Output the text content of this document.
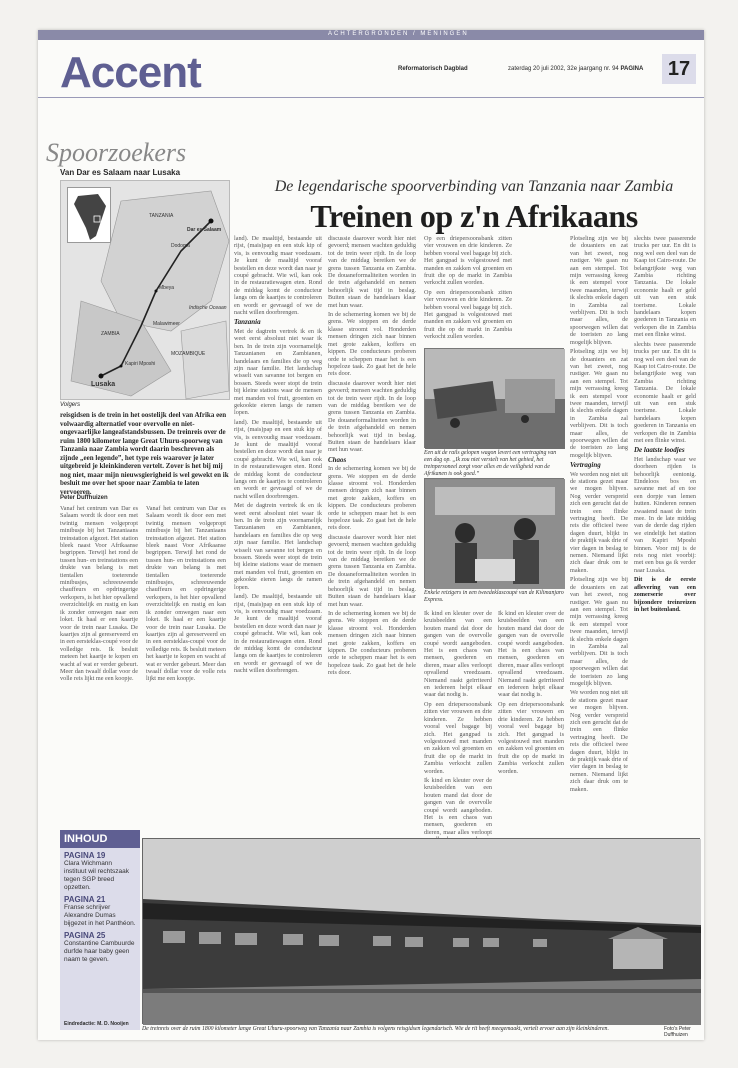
ACHTERGRONDEN / MENINGEN
Accent	Reformatorisch Dagblad	zaterdag 20 juli 2002, 32e jaargang nr. 94 PAGINA 17
Spoorzoekers
Van Dar es Salaam naar Lusaka
TANZANIA
Dar es Salaam
ZAMBIA
MOZAMBIQUE
Lusaka
Kapiri Mposhi
Mbeya
Dodoma
Malawimeer
Indische Oceaan
De legendarische spoorverbinding van Tanzania naar Zambia
Treinen op z'n Afrikaans
Volgers
reisgidsen is de trein in het oostelijk deel van Afrika een volwaardig alternatief voor overvolle en niet-ongevaarlijke langeafstandsbussen. De treinreis over de ruim 1800 kilometer lange Great Uhuru-spoorweg van Tanzania naar Zambia wordt daarin beschreven als zijnde „een legende”, het type reis waarover je later uitgebreid je kleinkinderen vertelt. Zover is het bij mij nog niet, maar mijn nieuwsgierigheid is wel gewekt en ik besluit me over het spoor naar Zambia te laten vervoeren.
Peter Duffhuizen

Vanaf het centrum van Dar es Salaam wordt ik door een met twintig mensen volgepropt minibusje bij het Tanzaniaans treinstation afgezet. Het station bleek naast Voor Afrikaanse begrippen. Terwijl het rond de tussen hun- en treinstations een drukte van belang is met tientallen toeterende minibusjes, schreeuwende chauffeurs en opdringerige verkopers, is het hier opvallend overzichtelijk en rustig en kan ik zonder omwegen naar een loket. Ik haal er een kaartje voor de trein naar Lusaka. De kaartjes zijn al gereserveerd en in een eersteklas-coupé voor de volledige reis. Ik besluit meteen het kaartje te kopen en wacht af wat er verder gebeurt. Meer dan twaalf dollar voor de volle reis lijkt me een koopje.

Vanaf het centrum van Dar es Salaam wordt ik door een met twintig mensen volgepropt minibusje bij het Tanzaniaans treinstation afgezet. Het station bleek naast Voor Afrikaanse begrippen. Terwijl het rond de tussen hun- en treinstations een drukte van belang is met tientallen toeterende minibusjes, schreeuwende chauffeurs en opdringerige verkopers, is het hier opvallend overzichtelijk en rustig en kan ik zonder omwegen naar een loket. Ik haal er een kaartje voor de trein naar Lusaka. De kaartjes zijn al gereserveerd en in een eersteklas-coupé voor de volledige reis. Ik besluit meteen het kaartje te kopen en wacht af wat er verder gebeurt. Meer dan twaalf dollar voor de volle reis lijkt me een koopje.

land). De maaltijd, bestaande uit rijst, (mais)pap en een stuk kip of vis, is eenvoudig maar voedzaam. Je kunt de maaltijd vooraf bestellen en deze wordt dan naar je coupé gebracht. Wie wil, kan ook in de restauratiewagen eten. Rond de middag komt de conducteur langs om de kaartjes te controleren en wordt er gevraagd of we de nacht willen doorbrengen.

Tanzania

Met de dagtrein vertrek ik en ik weet eerst absoluut niet waar ik ben. In de trein zijn voornamelijk Tanzanianen en Zambianen, handelaars en families die op weg zijn naar familie. Het landschap wisselt van savanne tot bergen en bossen. Steeds weer stopt de trein bij kleine stations waar de mensen met manden vol fruit, groenten en gekookte eieren langs de ramen lopen.

land). De maaltijd, bestaande uit rijst, (mais)pap en een stuk kip of vis, is eenvoudig maar voedzaam. Je kunt de maaltijd vooraf bestellen en deze wordt dan naar je coupé gebracht. Wie wil, kan ook in de restauratiewagen eten. Rond de middag komt de conducteur langs om de kaartjes te controleren en wordt er gevraagd of we de nacht willen doorbrengen.

Met de dagtrein vertrek ik en ik weet eerst absoluut niet waar ik ben. In de trein zijn voornamelijk Tanzanianen en Zambianen, handelaars en families die op weg zijn naar familie. Het landschap wisselt van savanne tot bergen en bossen. Steeds weer stopt de trein bij kleine stations waar de mensen met manden vol fruit, groenten en gekookte eieren langs de ramen lopen.

land). De maaltijd, bestaande uit rijst, (mais)pap en een stuk kip of vis, is eenvoudig maar voedzaam. Je kunt de maaltijd vooraf bestellen en deze wordt dan naar je coupé gebracht. Wie wil, kan ook in de restauratiewagen eten. Rond de middag komt de conducteur langs om de kaartjes te controleren en wordt er gevraagd of we de nacht willen doorbrengen.

discussie daarover wordt hier niet gevoerd; mensen wachten geduldig tot de trein weer rijdt. In de loop van de middag bereiken we de grens tussen Tanzania en Zambia. De douaneformaliteiten worden in de trein afgehandeld en nemen behoorlijk wat tijd in beslag. Buiten staan de handelaars klaar met hun waar.

In de schemering komen we bij de grens. We stoppen en de derde klasse stroomt vol. Honderden mensen dringen zich naar binnen met grote zakken, koffers en kippen. De conducteurs proberen orde te scheppen maar het is een hopeloze taak. Zo gaat het de hele reis door.

discussie daarover wordt hier niet gevoerd; mensen wachten geduldig tot de trein weer rijdt. In de loop van de middag bereiken we de grens tussen Tanzania en Zambia. De douaneformaliteiten worden in de trein afgehandeld en nemen behoorlijk wat tijd in beslag. Buiten staan de handelaars klaar met hun waar.

Chaos

In de schemering komen we bij de grens. We stoppen en de derde klasse stroomt vol. Honderden mensen dringen zich naar binnen met grote zakken, koffers en kippen. De conducteurs proberen orde te scheppen maar het is een hopeloze taak. Zo gaat het de hele reis door.

discussie daarover wordt hier niet gevoerd; mensen wachten geduldig tot de trein weer rijdt. In de loop van de middag bereiken we de grens tussen Tanzania en Zambia. De douaneformaliteiten worden in de trein afgehandeld en nemen behoorlijk wat tijd in beslag. Buiten staan de handelaars klaar met hun waar.

In de schemering komen we bij de grens. We stoppen en de derde klasse stroomt vol. Honderden mensen dringen zich naar binnen met grote zakken, koffers en kippen. De conducteurs proberen orde te scheppen maar het is een hopeloze taak. Zo gaat het de hele reis door.

Op een driepersoonsbank zitten vier vrouwen en drie kinderen. Ze hebben vooral veel bagage bij zich. Het gangpad is volgestouwd met manden en zakken vol groenten en fruit die op de markt in Zambia verkocht zullen worden.

Op een driepersoonsbank zitten vier vrouwen en drie kinderen. Ze hebben vooral veel bagage bij zich. Het gangpad is volgestouwd met manden en zakken vol groenten en fruit die op de markt in Zambia verkocht zullen worden.

Een uit de rails gelopen wagon levert een vertraging van een dag op. „Ik zou niet verstelt van het gebied, het treinpersoneel zorgt voor alles en de veiligheid van de Afrikanen is ook goed.”
Enkele reizigers in een tweedeklascoupé van de Kilimanjaro Express.

Ik kind en kleuter over de kruisbeelden van een houten mand dat door de gangen van de overvolle coupé wordt aangeboden. Het is een chaos van mensen, goederen en dieren, maar alles verloopt opvallend vreedzaam. Niemand raakt geïrriteerd en iedereen helpt elkaar waar dat nodig is.

Op een driepersoonsbank zitten vier vrouwen en drie kinderen. Ze hebben vooral veel bagage bij zich. Het gangpad is volgestouwd met manden en zakken vol groenten en fruit die op de markt in Zambia verkocht zullen worden.

Ik kind en kleuter over de kruisbeelden van een houten mand dat door de gangen van de overvolle coupé wordt aangeboden. Het is een chaos van mensen, goederen en dieren, maar alles verloopt

Ik kind en kleuter over de kruisbeelden van een houten mand dat door de gangen van de overvolle coupé wordt aangeboden. Het is een chaos van mensen, goederen en dieren, maar alles verloopt opvallend vreedzaam. Niemand raakt geïrriteerd en iedereen helpt elkaar waar dat nodig is.

Op een driepersoonsbank zitten vier vrouwen en drie kinderen. Ze hebben vooral veel bagage bij zich. Het gangpad is volgestouwd met manden en zakken vol groenten en fruit die op de markt in Zambia verkocht zullen worden.

Plotseling zijn we bij de douaniers en zat van het zweet, nog rustiger. We gaan nu aan een stempel. Tot mijn verrassing kreeg ik een stempel voor twee maanden, terwijl ik slechts enkele dagen in Zambia zal verblijven. Dit is toch maar alles, de spoorwegen willen dat de toeristen zo lang mogelijk blijven.

Plotseling zijn we bij de douaniers en zat van het zweet, nog rustiger. We gaan nu aan een stempel. Tot mijn verrassing kreeg ik een stempel voor twee maanden, terwijl ik slechts enkele dagen in Zambia zal verblijven. Dit is toch maar alles, de spoorwegen willen dat de toeristen zo lang mogelijk blijven.

Vertraging

We worden nog niet uit de stations gezet maar we mogen blijven. Nog verder verspreid zich een gerucht dat de trein een flinke vertraging heeft. De reis die officieel twee dagen duurt, blijkt in de praktijk vaak drie of vier dagen in beslag te nemen. Niemand lijkt zich daar druk om te maken.

Plotseling zijn we bij de douaniers en zat van het zweet, nog rustiger. We gaan nu aan een stempel. Tot mijn verrassing kreeg ik een stempel voor twee maanden, terwijl ik slechts enkele dagen in Zambia zal verblijven. Dit is toch maar alles, de spoorwegen willen dat de toeristen zo lang mogelijk blijven.

We worden nog niet uit de stations gezet maar we mogen blijven. Nog verder verspreid zich een gerucht dat de trein een flinke vertraging heeft. De reis die officieel twee dagen duurt, blijkt in de praktijk vaak drie of vier dagen in beslag te nemen. Niemand lijkt zich daar druk om te maken.

slechts twee passerende trucks per uur. En dit is nog wel een deel van de Kaap tot Cairo-route. De belangrijkste weg van Zambia richting Tanzania. De lokale economie haalt er geld uit van een stuk toerisme. Lokale handelaars kopen goederen in Tanzania en verkopen die in Zambia met een flinke winst.

slechts twee passerende trucks per uur. En dit is nog wel een deel van de Kaap tot Cairo-route. De belangrijkste weg van Zambia richting Tanzania. De lokale economie haalt er geld uit van een stuk toerisme. Lokale handelaars kopen goederen in Tanzania en verkopen die in Zambia met een flinke winst.

De laatste loodjes

Het landschap waar we doorheen rijden is behoorlijk eentonig. Eindeloos bos en savanne met af en toe een dorpje van lemen hutten. Kinderen rennen zwaaiend naast de trein mee. In de late middag van de derde dag rijden we eindelijk het station van Kapiri Mposhi binnen. Voor mij is de reis nog niet voorbij: met een bus ga ik verder naar Lusaka.

Dit is de eerste aflevering van een zomerserie over bijzondere treinreizen in het buitenland.

INHOUD
PAGINA 19
Clara Wichmann instituut wil rechtszaak tegen SGP breed opzetten.
PAGINA 21
Franse schrijver Alexandre Dumas bijgezet in het Panthéon.
PAGINA 25
Constantine Cambuurde durfde haar baby geen naam te geven.
Eindredactie: M. D. Nooijen
De treinreis over de ruim 1800 kilometer lange Great Uhuru-spoorweg van Tanzania naar Zambia is volgens reisgidsen legendarisch. Wie de rit heeft meegemaakt, vertelt ervoer aan zijn kleinkinderen.	Foto's Peter Duffhuizen
